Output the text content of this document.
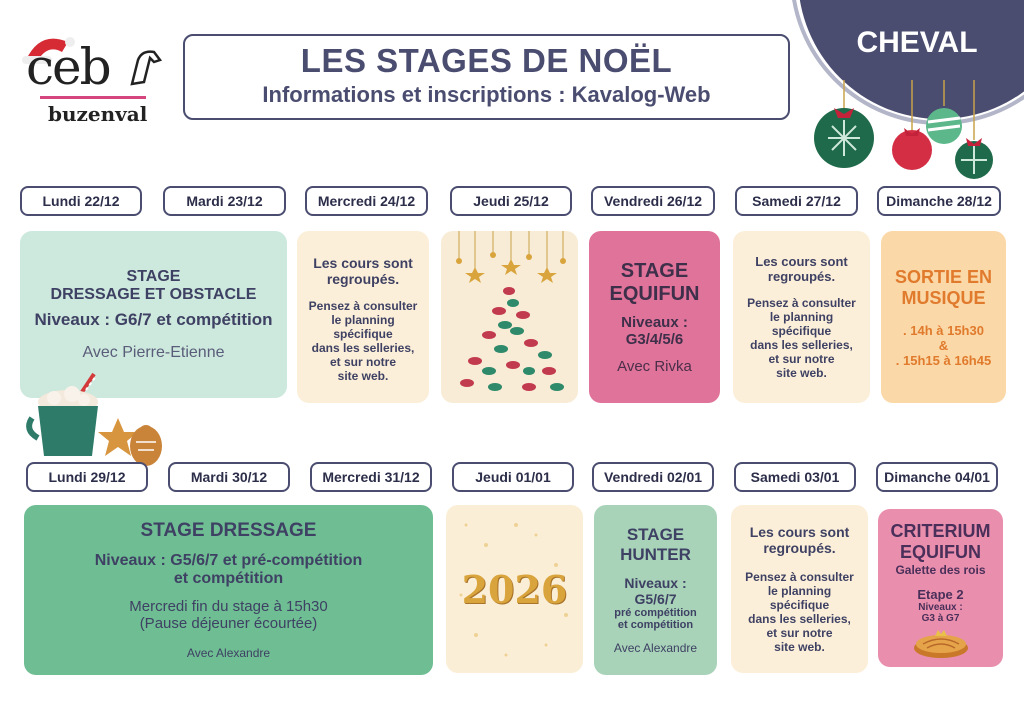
ceb
buzenval
LES STAGES DE NOËL
Informations et inscriptions : Kavalog-Web
CHEVAL
Lundi 22/12	Mardi 23/12	Mercredi 24/12	Jeudi 25/12	Vendredi 26/12	Samedi 27/12	Dimanche 28/12
STAGE
DRESSAGE ET OBSTACLE
Niveaux : G6/7 et compétition
Avec Pierre-Etienne
Les cours sont
regroupés.
Pensez à consulter
le planning
spécifique
dans les selleries,
et sur notre
site web.
STAGE
EQUIFUN
Niveaux :
G3/4/5/6
Avec Rivka
Les cours sont
regroupés.
Pensez à consulter
le planning
spécifique
dans les selleries,
et sur notre
site web.
SORTIE EN
MUSIQUE
. 14h à 15h30
&
. 15h15 à 16h45
Lundi 29/12	Mardi 30/12	Mercredi 31/12	Jeudi 01/01	Vendredi 02/01	Samedi 03/01	Dimanche 04/01
STAGE DRESSAGE
Niveaux : G5/6/7 et pré-compétition
et compétition
Mercredi fin du stage à 15h30
(Pause déjeuner écourtée)
Avec Alexandre
2026
STAGE
HUNTER
Niveaux :
G5/6/7
pré compétition
et compétition
Avec Alexandre
Les cours sont
regroupés.
Pensez à consulter
le planning
spécifique
dans les selleries,
et sur notre
site web.
CRITERIUM
EQUIFUN
Galette des rois
Etape 2
Niveaux :
G3 à G7
